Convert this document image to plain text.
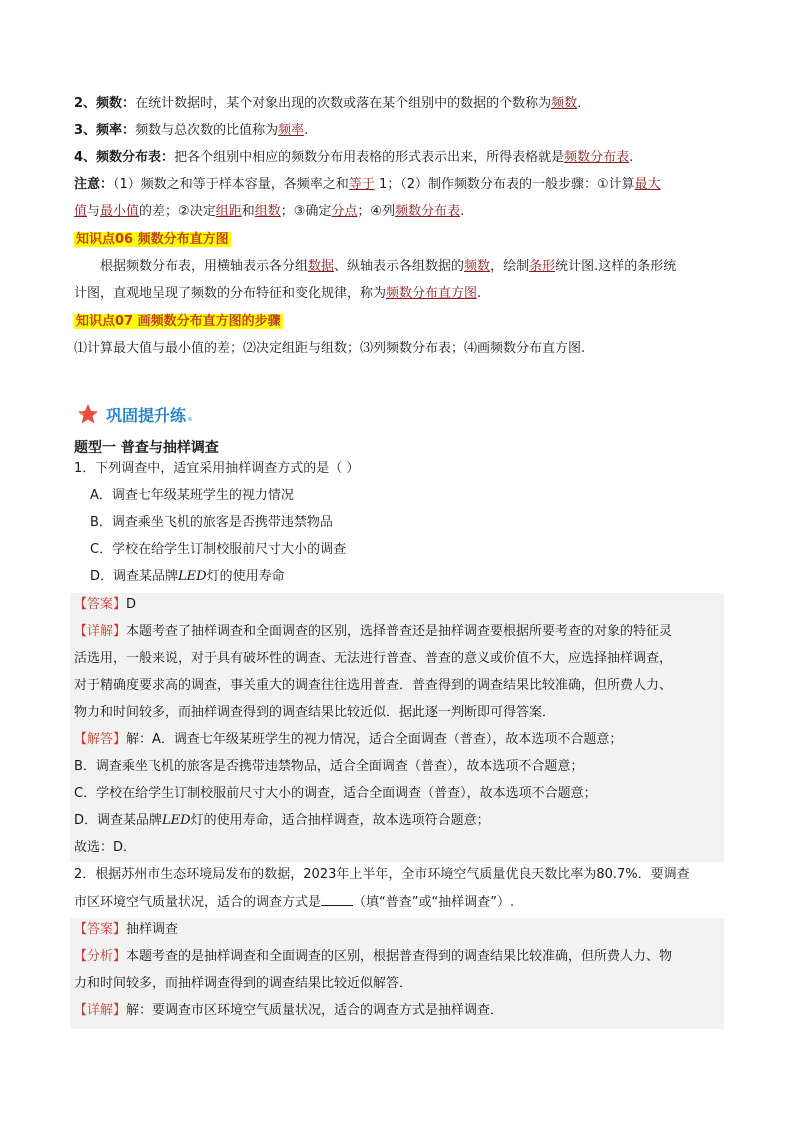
2、频数：在统计数据时，某个对象出现的次数或落在某个组别中的数据的个数称为频数.
3、频率：频数与总次数的比值称为频率.
4、频数分布表：把各个组别中相应的频数分布用表格的形式表示出来，所得表格就是频数分布表.
注意：（1）频数之和等于样本容量，各频率之和等于 1；（2）制作频数分布表的一般步骤：①计算最大
值与最小值的差；②决定组距和组数；③确定分点；④列频数分布表.
知识点06 频数分布直方图
根据频数分布表，用横轴表示各分组数据、纵轴表示各组数据的频数，绘制条形统计图.这样的条形统
计图，直观地呈现了频数的分布特征和变化规律，称为频数分布直方图.
知识点07 画频数分布直方图的步骤
⑴计算最大值与最小值的差；⑵决定组距与组数；⑶列频数分布表；⑷画频数分布直方图.
巩固提升练
题型一 普查与抽样调查
1．下列调查中，适宜采用抽样调查方式的是（ ）
A．调查七年级某班学生的视力情况
B．调查乘坐飞机的旅客是否携带违禁物品
C．学校在给学生订制校服前尺寸大小的调查
D．调查某品牌LED灯的使用寿命
【答案】D
【详解】本题考查了抽样调查和全面调查的区别，选择普查还是抽样调查要根据所要考查的对象的特征灵
活选用，一般来说，对于具有破坏性的调查、无法进行普查、普查的意义或价值不大，应选择抽样调查，
对于精确度要求高的调查，事关重大的调查往往选用普查．普查得到的调查结果比较准确，但所费人力、
物力和时间较多，而抽样调查得到的调查结果比较近似．据此逐一判断即可得答案．
【解答】解：A．调查七年级某班学生的视力情况，适合全面调查（普查），故本选项不合题意；
B．调查乘坐飞机的旅客是否携带违禁物品，适合全面调查（普查），故本选项不合题意；
C．学校在给学生订制校服前尺寸大小的调查，适合全面调查（普查），故本选项不合题意；
D．调查某品牌LED灯的使用寿命，适合抽样调查，故本选项符合题意；
故选：D．
2．根据苏州市生态环境局发布的数据，2023年上半年，全市环境空气质量优良天数比率为80.7%．要调查
市区环境空气质量状况，适合的调查方式是 （填“普查”或“抽样调查”）.
【答案】抽样调查
【分析】本题考查的是抽样调查和全面调查的区别，根据普查得到的调查结果比较准确，但所费人力、物
力和时间较多，而抽样调查得到的调查结果比较近似解答．
【详解】解：要调查市区环境空气质量状况，适合的调查方式是抽样调查．
